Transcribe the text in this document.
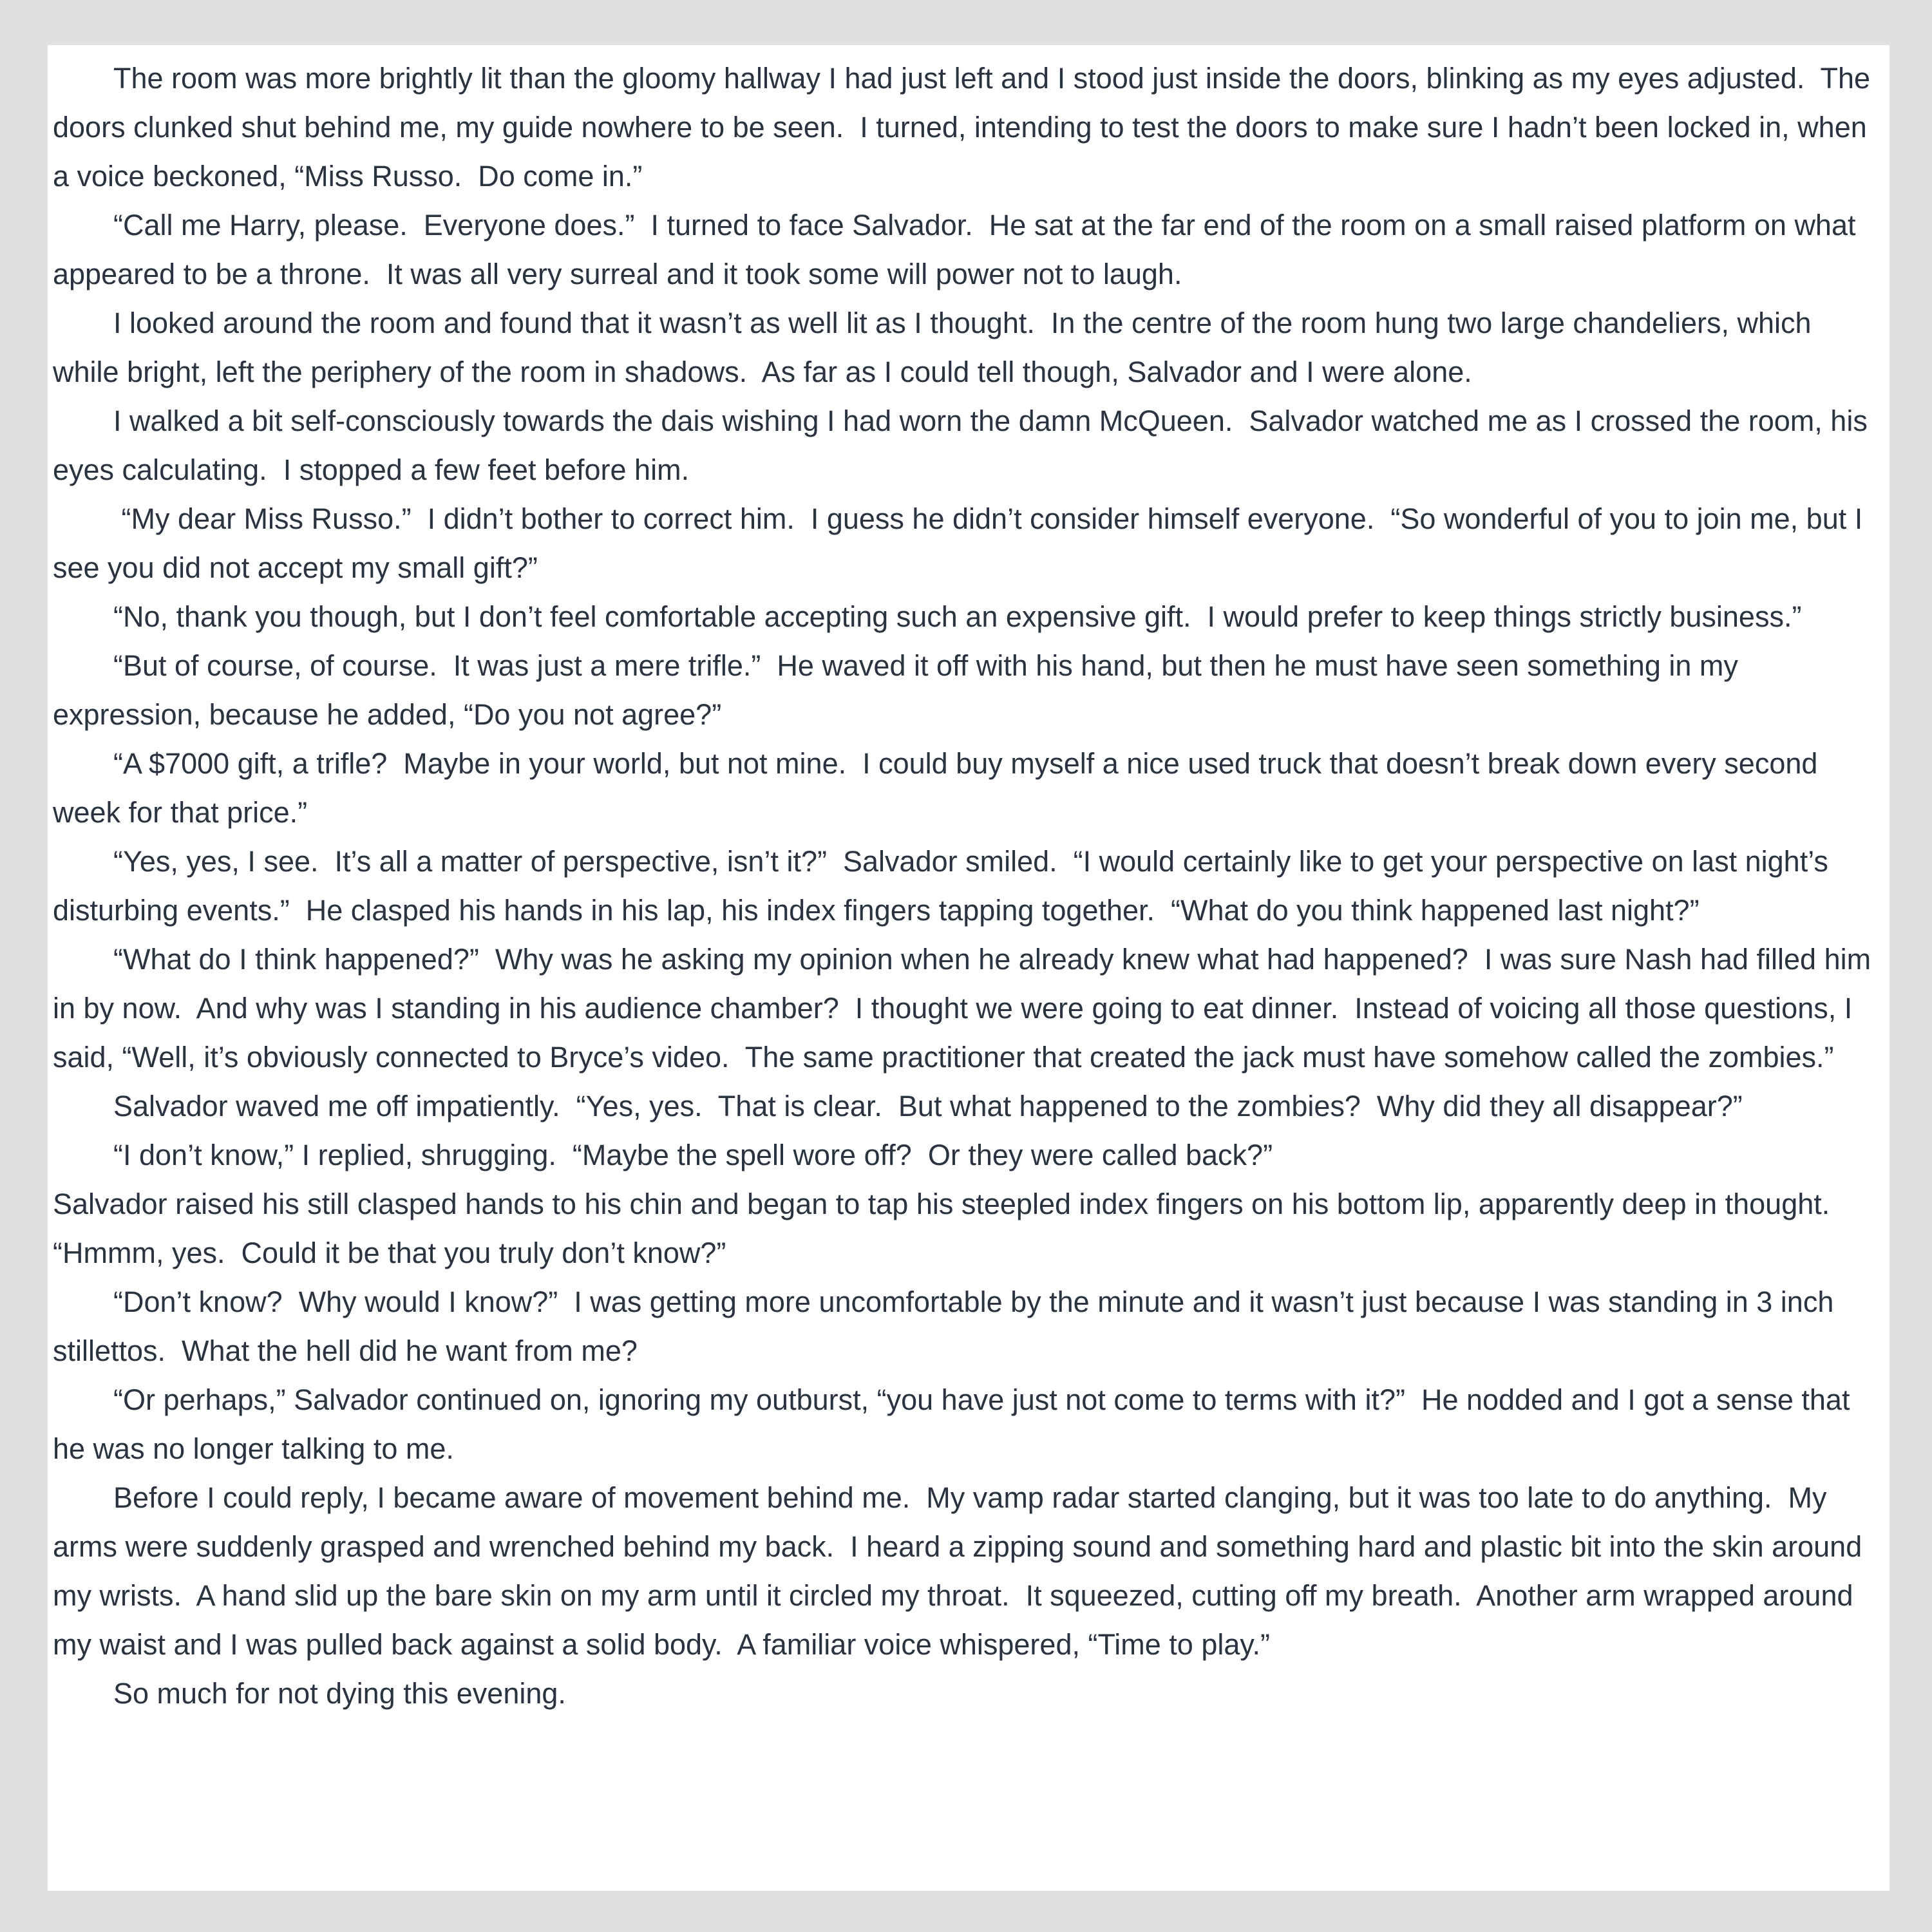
The room was more brightly lit than the gloomy hallway I had just left and I stood just inside the doors, blinking as my eyes adjusted.  The doors clunked shut behind me, my guide nowhere to be seen.  I turned, intending to test the doors to make sure I hadn’t been locked in, when a voice beckoned, “Miss Russo.  Do come in.”

“Call me Harry, please.  Everyone does.”  I turned to face Salvador.  He sat at the far end of the room on a small raised platform on what appeared to be a throne.  It was all very surreal and it took some will power not to laugh.

I looked around the room and found that it wasn’t as well lit as I thought.  In the centre of the room hung two large chandeliers, which while bright, left the periphery of the room in shadows.  As far as I could tell though, Salvador and I were alone.

I walked a bit self-consciously towards the dais wishing I had worn the damn McQueen.  Salvador watched me as I crossed the room, his eyes calculating.  I stopped a few feet before him.

“My dear Miss Russo.”  I didn’t bother to correct him.  I guess he didn’t consider himself everyone.  “So wonderful of you to join me, but I see you did not accept my small gift?”

“No, thank you though, but I don’t feel comfortable accepting such an expensive gift.  I would prefer to keep things strictly business.”

“But of course, of course.  It was just a mere trifle.”  He waved it off with his hand, but then he must have seen something in my expression, because he added, “Do you not agree?”

“A $7000 gift, a trifle?  Maybe in your world, but not mine.  I could buy myself a nice used truck that doesn’t break down every second week for that price.”

“Yes, yes, I see.  It’s all a matter of perspective, isn’t it?”  Salvador smiled.  “I would certainly like to get your perspective on last night’s disturbing events.”  He clasped his hands in his lap, his index fingers tapping together.  “What do you think happened last night?”

“What do I think happened?”  Why was he asking my opinion when he already knew what had happened?  I was sure Nash had filled him in by now.  And why was I standing in his audience chamber?  I thought we were going to eat dinner.  Instead of voicing all those questions, I said, “Well, it’s obviously connected to Bryce’s video.  The same practitioner that created the jack must have somehow called the zombies.”

Salvador waved me off impatiently.  “Yes, yes.  That is clear.  But what happened to the zombies?  Why did they all disappear?”

“I don’t know,” I replied, shrugging.  “Maybe the spell wore off?  Or they were called back?”

Salvador raised his still clasped hands to his chin and began to tap his steepled index fingers on his bottom lip, apparently deep in thought.  “Hmmm, yes.  Could it be that you truly don’t know?”

“Don’t know?  Why would I know?”  I was getting more uncomfortable by the minute and it wasn’t just because I was standing in 3 inch stillettos.  What the hell did he want from me?

“Or perhaps,” Salvador continued on, ignoring my outburst, “you have just not come to terms with it?”  He nodded and I got a sense that he was no longer talking to me.

Before I could reply, I became aware of movement behind me.  My vamp radar started clanging, but it was too late to do anything.  My arms were suddenly grasped and wrenched behind my back.  I heard a zipping sound and something hard and plastic bit into the skin around my wrists.  A hand slid up the bare skin on my arm until it circled my throat.  It squeezed, cutting off my breath.  Another arm wrapped around my waist and I was pulled back against a solid body.  A familiar voice whispered, “Time to play.”

So much for not dying this evening.
